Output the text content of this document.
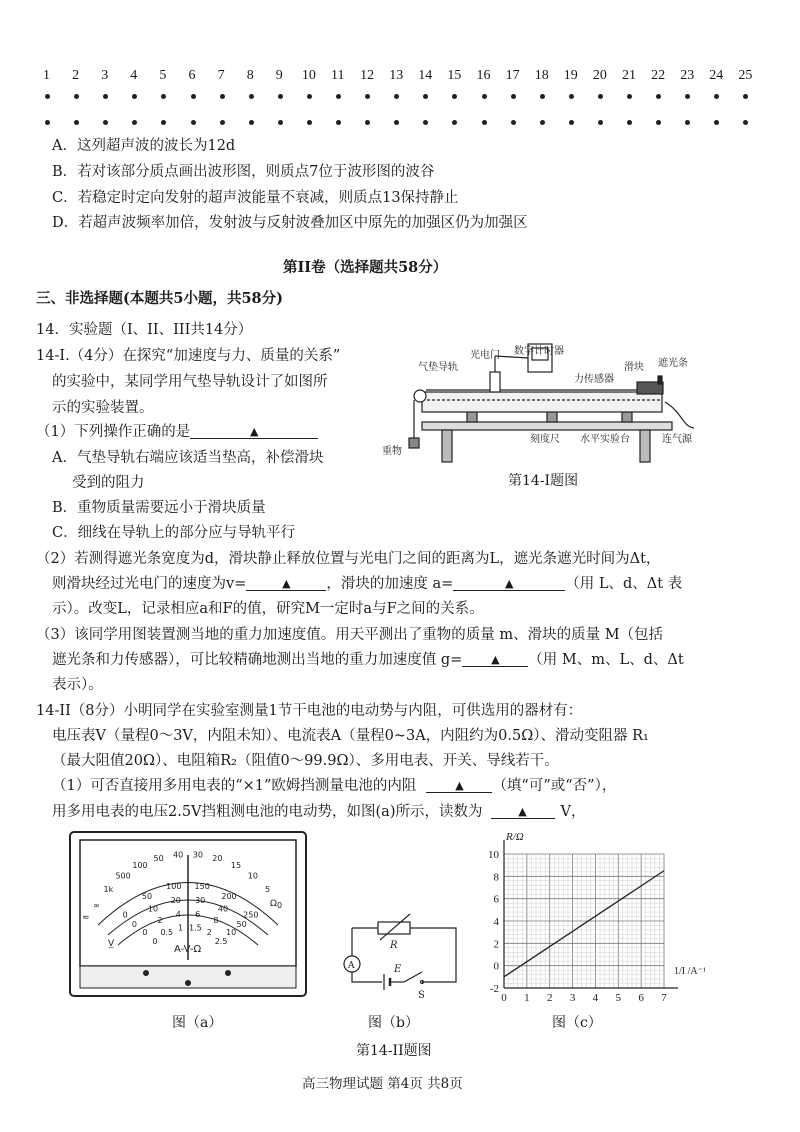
1 2 3 4 5 6 7 8 9 10 11 12 13 14 15 16 17 18 19 20 21 22 23 24 25
A．这列超声波的波长为12d
B．若对该部分质点画出波形图，则质点7位于波形图的波谷
C．若稳定时定向发射的超声波能量不衰减，则质点13保持静止
D．若超声波频率加倍，发射波与反射波叠加区中原先的加强区仍为加强区
第II卷（选择题共58分）
三、非选择题(本题共5小题，共58分)
14．实验题（I、II、III共14分）
14-I.（4分）在探究“加速度与力、质量的关系”
的实验中，某同学用气垫导轨设计了如图所
示的实验装置。
（1）下列操作正确的是	▲
A．气垫导轨右端应该适当垫高，补偿滑块
受到的阻力
B．重物质量需要远小于滑块质量
C．细线在导轨上的部分应与导轨平行
（2）若测得遮光条宽度为d，滑块静止释放位置与光电门之间的距离为L，遮光条遮光时间为Δt，
则滑块经过光电门的速度为v=	▲ ，滑块的加速度 a=	▲	（用 L、d、Δt 表
示）。改变L，记录相应a和F的值，研究M一定时a与F之间的关系。
（3）该同学用图装置测当地的重力加速度值。用天平测出了重物的质量 m、滑块的质量 M（包括
遮光条和力传感器），可比较精确地测出当地的重力加速度值 g=	▲ （用 M、m、L、d、Δt
表示）。
气垫导轨
光电门 数字计时器
滑块 遮光条
力传感器
重物
刻度尺 水平实验台	连气源
第14-I题图
14-II（8分）小明同学在实验室测量1节干电池的电动势与内阻，可供选用的器材有：
电压表V（量程0～3V，内阻未知）、电流表A（量程0~3A，内阻约为0.5Ω）、滑动变阻器 R₁
（最大阻值20Ω）、电阻箱R₂（阻值0～99.9Ω）、多用电表、开关、导线若干。
（1）可否直接用多用电表的“×1”欧姆挡测量电池的内阻	▲ （填“可”或“否”），
用多用电表的电压2.5V挡粗测电池的电动势，如图(a)所示，读数为	▲ V，
∞
1k
500
100
50 40 30 20
15
10
5
0
0
50
100 150
200
250
0
10
20 30
40
50
0
2
4 6
8
10
0
0.5
1 1.5
2
2.5
A-V-Ω
Ω
≂
V̲
图（a）
R
A	E
S
图（b）
0 1 2 3 4 5 6 7
-2
0
2
4
6
8
10
R/Ω
1/I /A⁻¹
图（c）
第14-II题图
高三物理试题 第4页 共8页
